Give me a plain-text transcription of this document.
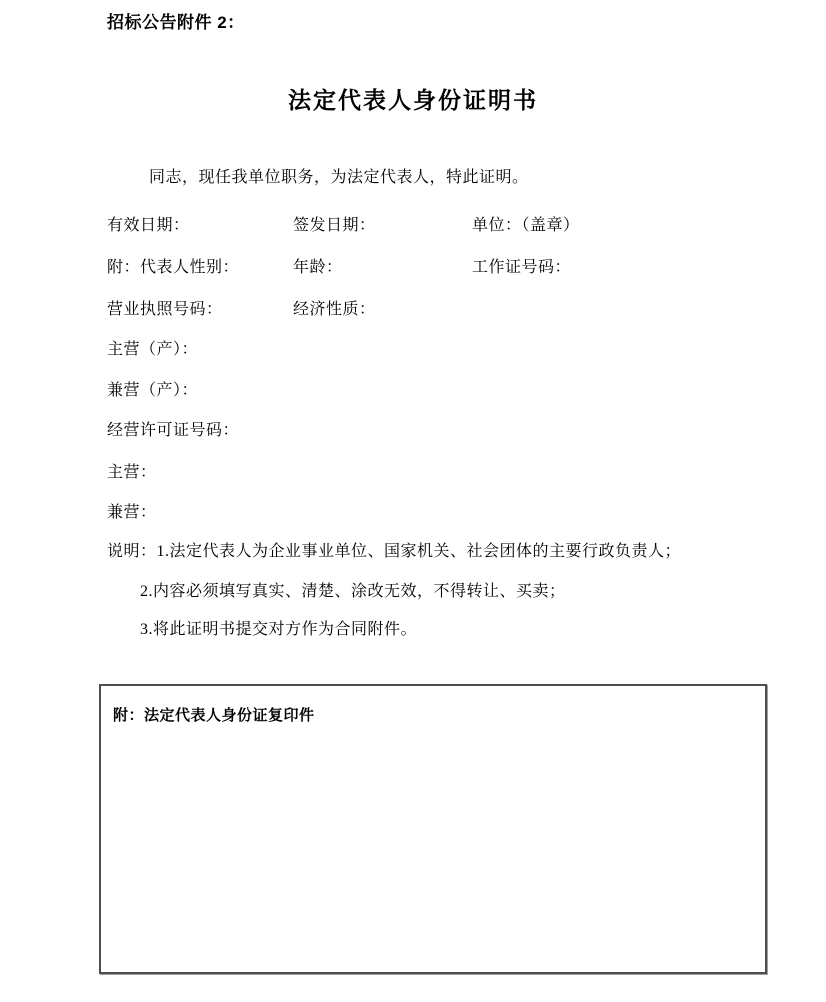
招标公告附件 2：
法定代表人身份证明书
同志，现任我单位职务，为法定代表人，特此证明。
有效日期：	签发日期：	单位：（盖章）
附：代表人性别：	年龄：	工作证号码：
营业执照号码：	经济性质：
主营（产）：
兼营（产）：
经营许可证号码：
主营：
兼营：
说明：1.法定代表人为企业事业单位、国家机关、社会团体的主要行政负责人；
2.内容必须填写真实、清楚、涂改无效，不得转让、买卖；
3.将此证明书提交对方作为合同附件。
附：法定代表人身份证复印件
